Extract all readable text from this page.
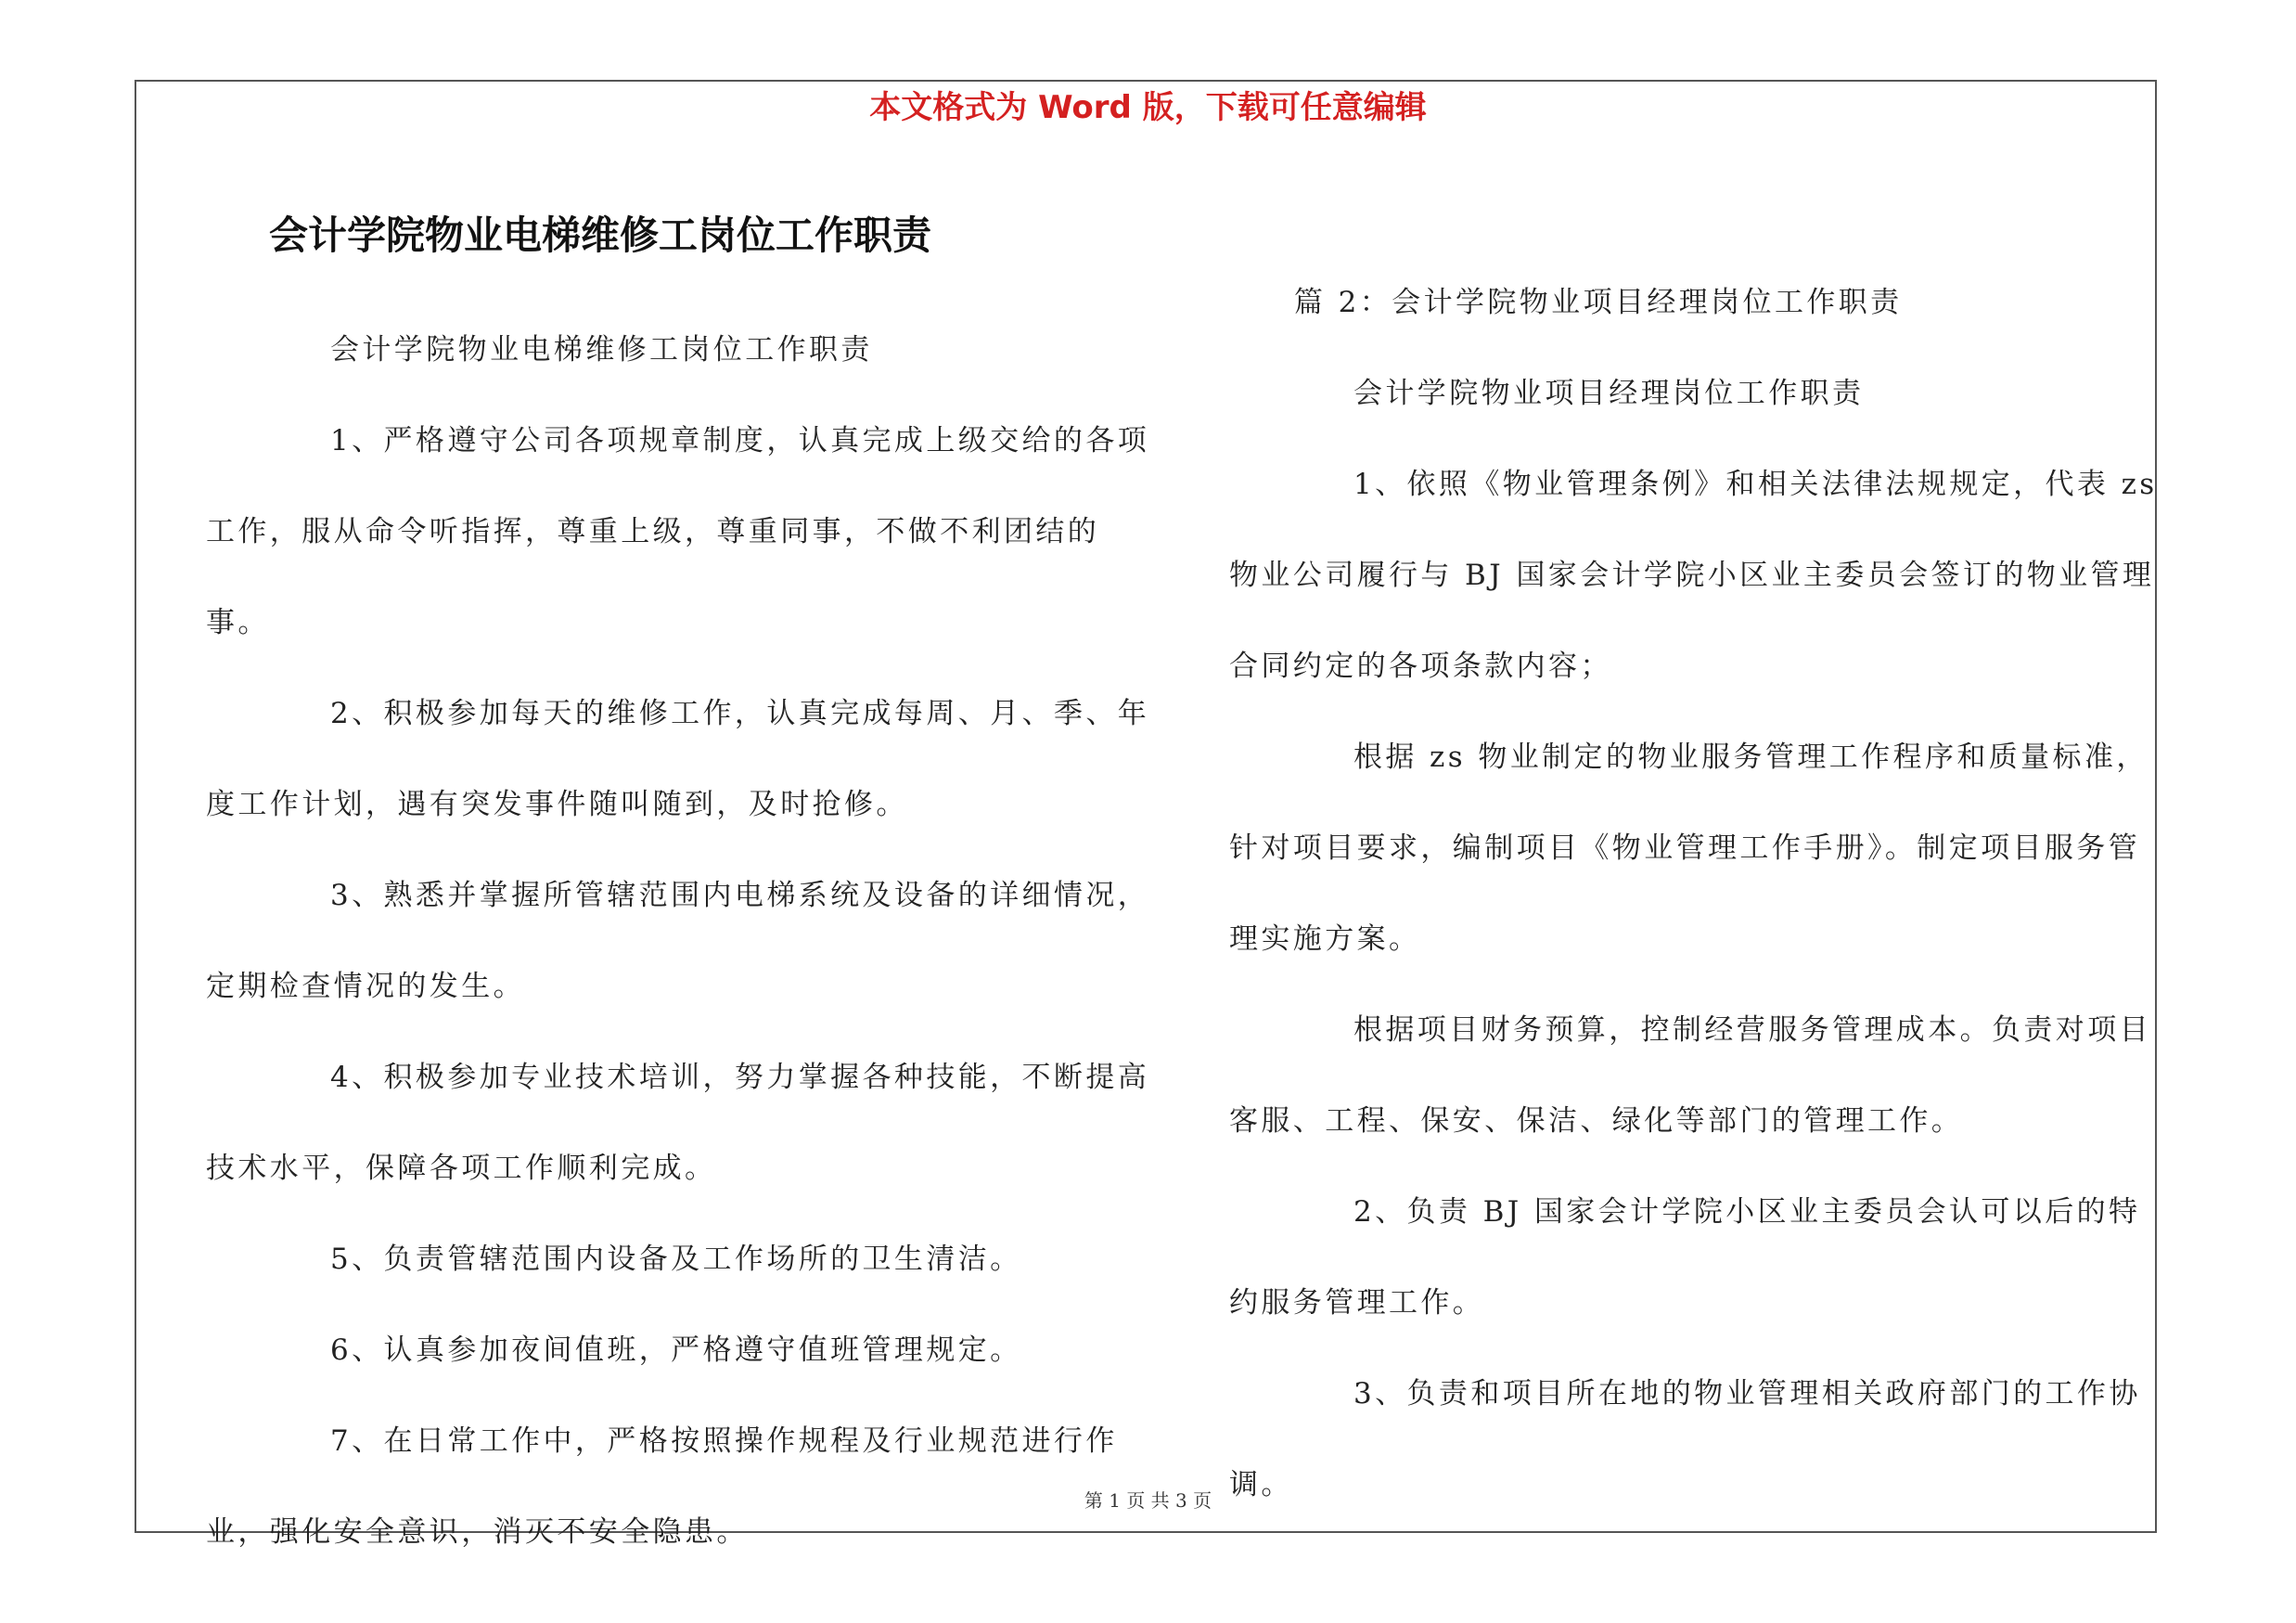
本文格式为 Word 版，下载可任意编辑
会计学院物业电梯维修工岗位工作职责

会计学院物业电梯维修工岗位工作职责

1、严格遵守公司各项规章制度，认真完成上级交给的各项工作，服从命令听指挥，尊重上级，尊重同事，不做不利团结的事。

2、积极参加每天的维修工作，认真完成每周、月、季、年度工作计划，遇有突发事件随叫随到，及时抢修。

3、熟悉并掌握所管辖范围内电梯系统及设备的详细情况，定期检查情况的发生。

4、积极参加专业技术培训，努力掌握各种技能，不断提高技术水平，保障各项工作顺利完成。

5、负责管辖范围内设备及工作场所的卫生清洁。

6、认真参加夜间值班，严格遵守值班管理规定。

7、在日常工作中，严格按照操作规程及行业规范进行作业，强化安全意识，消灭不安全隐患。

篇 2：会计学院物业项目经理岗位工作职责

会计学院物业项目经理岗位工作职责

1、依照《物业管理条例》和相关法律法规规定，代表 zs 物业公司履行与 BJ 国家会计学院小区业主委员会签订的物业管理合同约定的各项条款内容；

根据 zs 物业制定的物业服务管理工作程序和质量标准，针对项目要求，编制项目《物业管理工作手册》。制定项目服务管理实施方案。

根据项目财务预算，控制经营服务管理成本。负责对项目客服、工程、保安、保洁、绿化等部门的管理工作。

2、负责 BJ 国家会计学院小区业主委员会认可以后的特约服务管理工作。

3、负责和项目所在地的物业管理相关政府部门的工作协调。

第 1 页 共 3 页
